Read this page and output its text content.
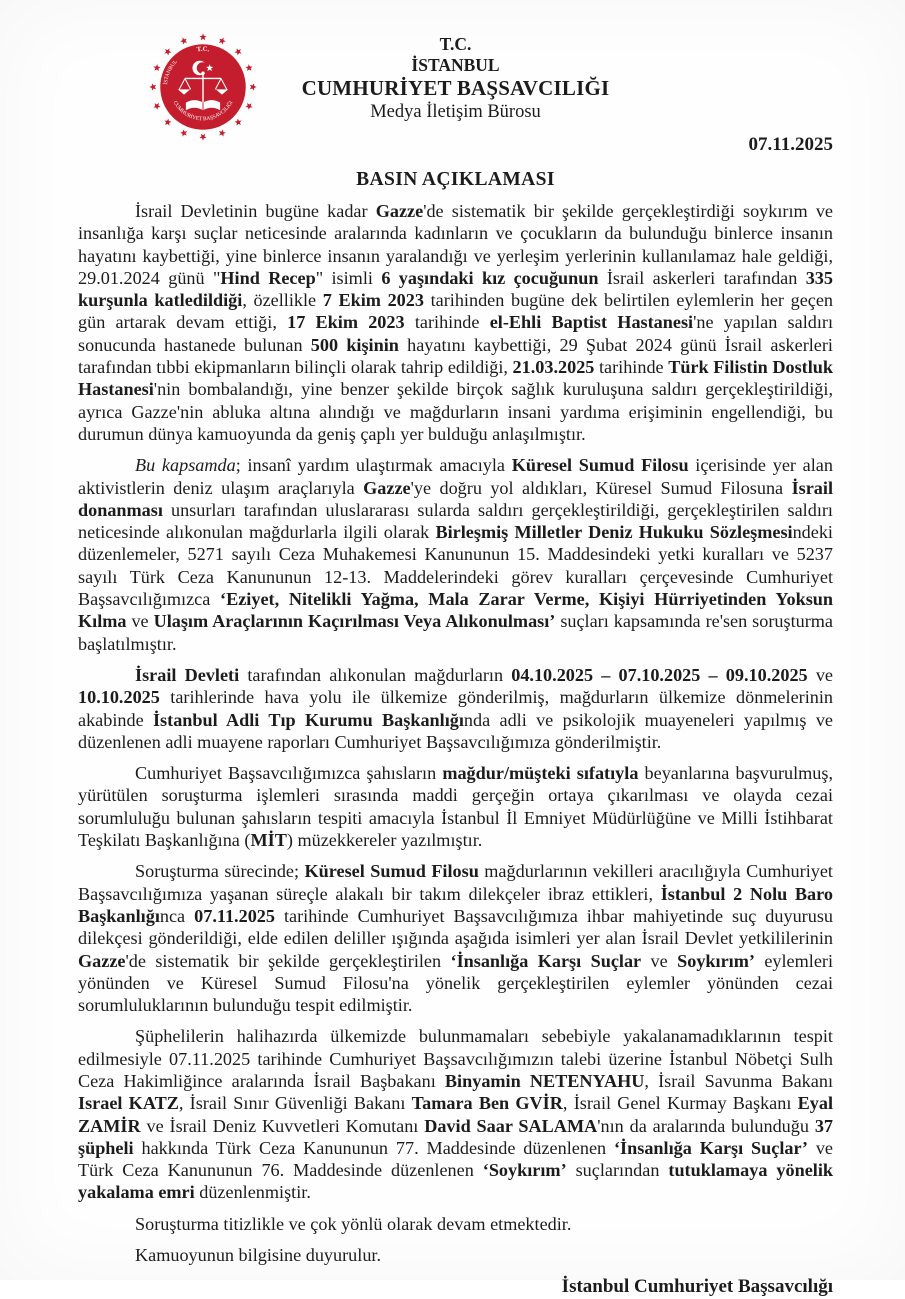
T.C.
İSTANBUL
CUMHURİYET BAŞSAVCILIĞI
T.C.
İSTANBUL
CUMHURİYET BAŞSAVCILIĞI
Medya İletişim Bürosu
07.11.2025
BASIN AÇIKLAMASI

İsrail Devletinin bugüne kadar Gazze'de sistematik bir şekilde gerçekleştirdiği soykırım ve insanlığa karşı suçlar neticesinde aralarında kadınların ve çocukların da bulunduğu binlerce insanın hayatını kaybettiği, yine binlerce insanın yaralandığı ve yerleşim yerlerinin kullanılamaz hale geldiği, 29.01.2024 günü "Hind Recep" isimli 6 yaşındaki kız çocuğunun İsrail askerleri tarafından 335 kurşunla katledildiği, özellikle 7 Ekim 2023 tarihinden bugüne dek belirtilen eylemlerin her geçen gün artarak devam ettiği, 17 Ekim 2023 tarihinde el-Ehli Baptist Hastanesi'ne yapılan saldırı sonucunda hastanede bulunan 500 kişinin hayatını kaybettiği, 29 Şubat 2024 günü İsrail askerleri tarafından tıbbi ekipmanların bilinçli olarak tahrip edildiği, 21.03.2025 tarihinde Türk Filistin Dostluk Hastanesi'nin bombalandığı, yine benzer şekilde birçok sağlık kuruluşuna saldırı gerçekleştirildiği, ayrıca Gazze'nin abluka altına alındığı ve mağdurların insani yardıma erişiminin engellendiği, bu durumun dünya kamuoyunda da geniş çaplı yer bulduğu anlaşılmıştır.

Bu kapsamda; insanî yardım ulaştırmak amacıyla Küresel Sumud Filosu içerisinde yer alan aktivistlerin deniz ulaşım araçlarıyla Gazze'ye doğru yol aldıkları, Küresel Sumud Filosuna İsrail donanması unsurları tarafından uluslararası sularda saldırı gerçekleştirildiği, gerçekleştirilen saldırı neticesinde alıkonulan mağdurlarla ilgili olarak Birleşmiş Milletler Deniz Hukuku Sözleşmesindeki düzenlemeler, 5271 sayılı Ceza Muhakemesi Kanununun 15. Maddesindeki yetki kuralları ve 5237 sayılı Türk Ceza Kanununun 12-13. Maddelerindeki görev kuralları çerçevesinde Cumhuriyet Başsavcılığımızca ‘Eziyet, Nitelikli Yağma, Mala Zarar Verme, Kişiyi Hürriyetinden Yoksun Kılma ve Ulaşım Araçlarının Kaçırılması Veya Alıkonulması’ suçları kapsamında re'sen soruşturma başlatılmıştır.

İsrail Devleti tarafından alıkonulan mağdurların 04.10.2025 – 07.10.2025 – 09.10.2025 ve 10.10.2025 tarihlerinde hava yolu ile ülkemize gönderilmiş, mağdurların ülkemize dönmelerinin akabinde İstanbul Adli Tıp Kurumu Başkanlığında adli ve psikolojik muayeneleri yapılmış ve düzenlenen adli muayene raporları Cumhuriyet Başsavcılığımıza gönderilmiştir.

Cumhuriyet Başsavcılığımızca şahısların mağdur/müşteki sıfatıyla beyanlarına başvurulmuş, yürütülen soruşturma işlemleri sırasında maddi gerçeğin ortaya çıkarılması ve olayda cezai sorumluluğu bulunan şahısların tespiti amacıyla İstanbul İl Emniyet Müdürlüğüne ve Milli İstihbarat Teşkilatı Başkanlığına (MİT) müzekkereler yazılmıştır.

Soruşturma sürecinde; Küresel Sumud Filosu mağdurlarının vekilleri aracılığıyla Cumhuriyet Başsavcılığımıza yaşanan süreçle alakalı bir takım dilekçeler ibraz ettikleri, İstanbul 2 Nolu Baro Başkanlığınca 07.11.2025 tarihinde Cumhuriyet Başsavcılığımıza ihbar mahiyetinde suç duyurusu dilekçesi gönderildiği, elde edilen deliller ışığında aşağıda isimleri yer alan İsrail Devlet yetkililerinin Gazze'de sistematik bir şekilde gerçekleştirilen ‘İnsanlığa Karşı Suçlar ve Soykırım’ eylemleri yönünden ve Küresel Sumud Filosu'na yönelik gerçekleştirilen eylemler yönünden cezai sorumluluklarının bulunduğu tespit edilmiştir.

Şüphelilerin halihazırda ülkemizde bulunmamaları sebebiyle yakalanamadıklarının tespit edilmesiyle 07.11.2025 tarihinde Cumhuriyet Başsavcılığımızın talebi üzerine İstanbul Nöbetçi Sulh Ceza Hakimliğince aralarında İsrail Başbakanı Binyamin NETENYAHU, İsrail Savunma Bakanı Israel KATZ, İsrail Sınır Güvenliği Bakanı Tamara Ben GVİR, İsrail Genel Kurmay Başkanı Eyal ZAMİR ve İsrail Deniz Kuvvetleri Komutanı David Saar SALAMA'nın da aralarında bulunduğu 37 şüpheli hakkında Türk Ceza Kanununun 77. Maddesinde düzenlenen ‘İnsanlığa Karşı Suçlar’ ve Türk Ceza Kanununun 76. Maddesinde düzenlenen ‘Soykırım’ suçlarından tutuklamaya yönelik yakalama emri düzenlenmiştir.

Soruşturma titizlikle ve çok yönlü olarak devam etmektedir.

Kamuoyunun bilgisine duyurulur.

İstanbul Cumhuriyet Başsavcılığı
